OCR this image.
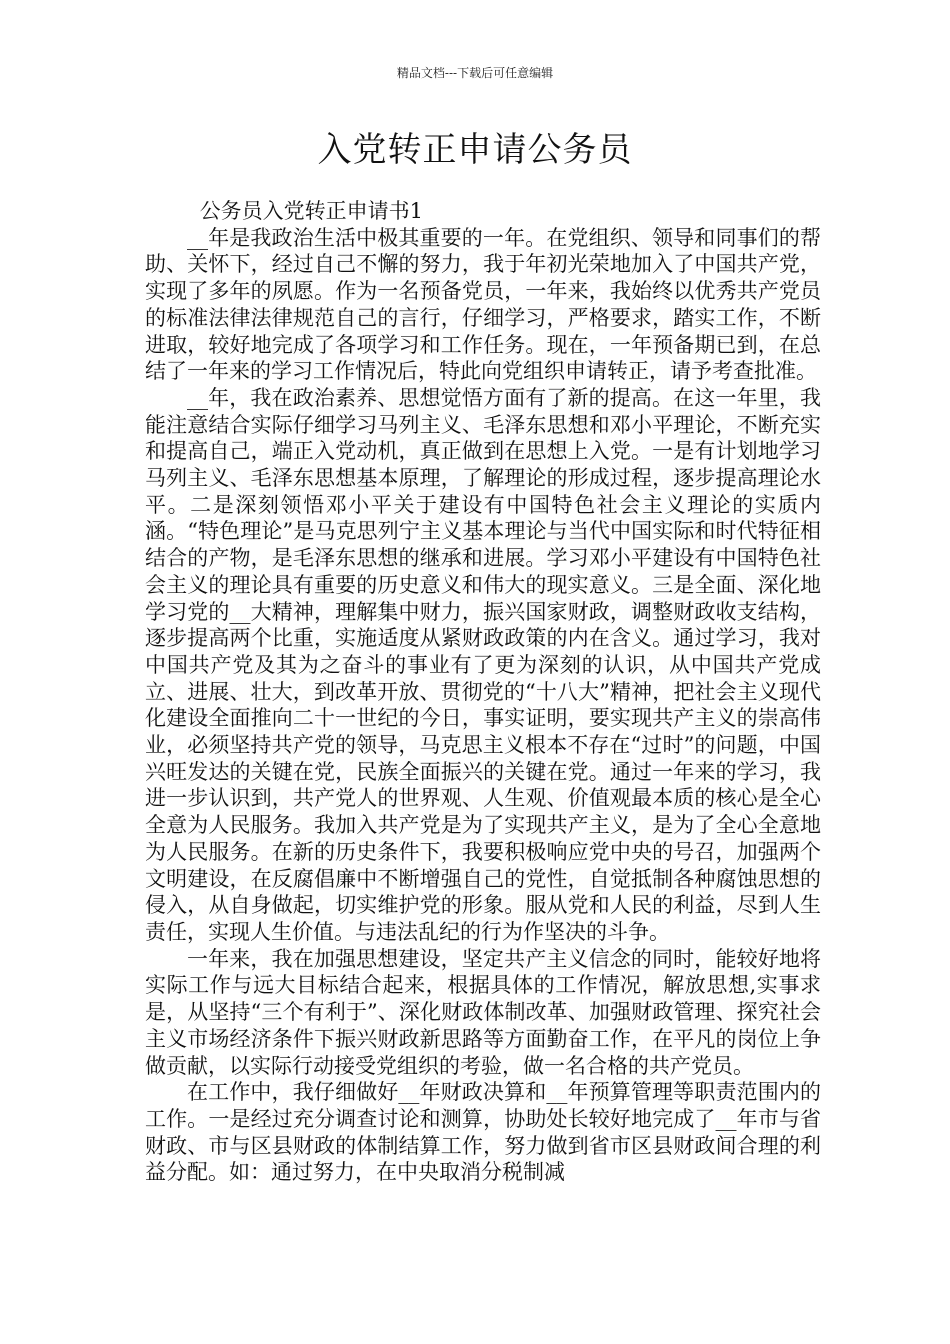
精品文档---下载后可任意编辑
入党转正申请公务员

公务员入党转正申请书1

__年是我政治生活中极其重要的一年。在党组织、领导和同事们的帮助、关怀下，经过自己不懈的努力，我于年初光荣地加入了中国共产党，实现了多年的夙愿。作为一名预备党员，一年来，我始终以优秀共产党员的标准法律法律规范自己的言行，仔细学习，严格要求，踏实工作，不断进取，较好地完成了各项学习和工作任务。现在，一年预备期已到，在总结了一年来的学习工作情况后，特此向党组织申请转正，请予考查批准。

__年，我在政治素养、思想觉悟方面有了新的提高。在这一年里，我能注意结合实际仔细学习马列主义、毛泽东思想和邓小平理论，不断充实和提高自己，端正入党动机，真正做到在思想上入党。一是有计划地学习马列主义、毛泽东思想基本原理，了解理论的形成过程，逐步提高理论水平。二是深刻领悟邓小平关于建设有中国特色社会主义理论的实质内涵。“特色理论”是马克思列宁主义基本理论与当代中国实际和时代特征相结合的产物，是毛泽东思想的继承和进展。学习邓小平建设有中国特色社会主义的理论具有重要的历史意义和伟大的现实意义。三是全面、深化地学习党的__大精神，理解集中财力，振兴国家财政，调整财政收支结构，逐步提高两个比重，实施适度从紧财政政策的内在含义。通过学习，我对中国共产党及其为之奋斗的事业有了更为深刻的认识，从中国共产党成立、进展、壮大，到改革开放、贯彻党的“十八大”精神，把社会主义现代化建设全面推向二十一世纪的今日，事实证明，要实现共产主义的崇高伟业，必须坚持共产党的领导，马克思主义根本不存在“过时”的问题，中国兴旺发达的关键在党，民族全面振兴的关键在党。通过一年来的学习，我进一步认识到，共产党人的世界观、人生观、价值观最本质的核心是全心全意为人民服务。我加入共产党是为了实现共产主义，是为了全心全意地为人民服务。在新的历史条件下，我要积极响应党中央的号召，加强两个文明建设，在反腐倡廉中不断增强自己的党性，自觉抵制各种腐蚀思想的侵入，从自身做起，切实维护党的形象。服从党和人民的利益，尽到人生责任，实现人生价值。与违法乱纪的行为作坚决的斗争。

一年来，我在加强思想建设，坚定共产主义信念的同时，能较好地将实际工作与远大目标结合起来，根据具体的工作情况，解放思想,实事求是，从坚持“三个有利于”、深化财政体制改革、加强财政管理、探究社会主义市场经济条件下振兴财政新思路等方面勤奋工作，在平凡的岗位上争做贡献，以实际行动接受党组织的考验，做一名合格的共产党员。

在工作中，我仔细做好__年财政决算和__年预算管理等职责范围内的工作。一是经过充分调查讨论和测算，协助处长较好地完成了__年市与省财政、市与区县财政的体制结算工作，努力做到省市区县财政间合理的利益分配。如：通过努力，在中央取消分税制减
